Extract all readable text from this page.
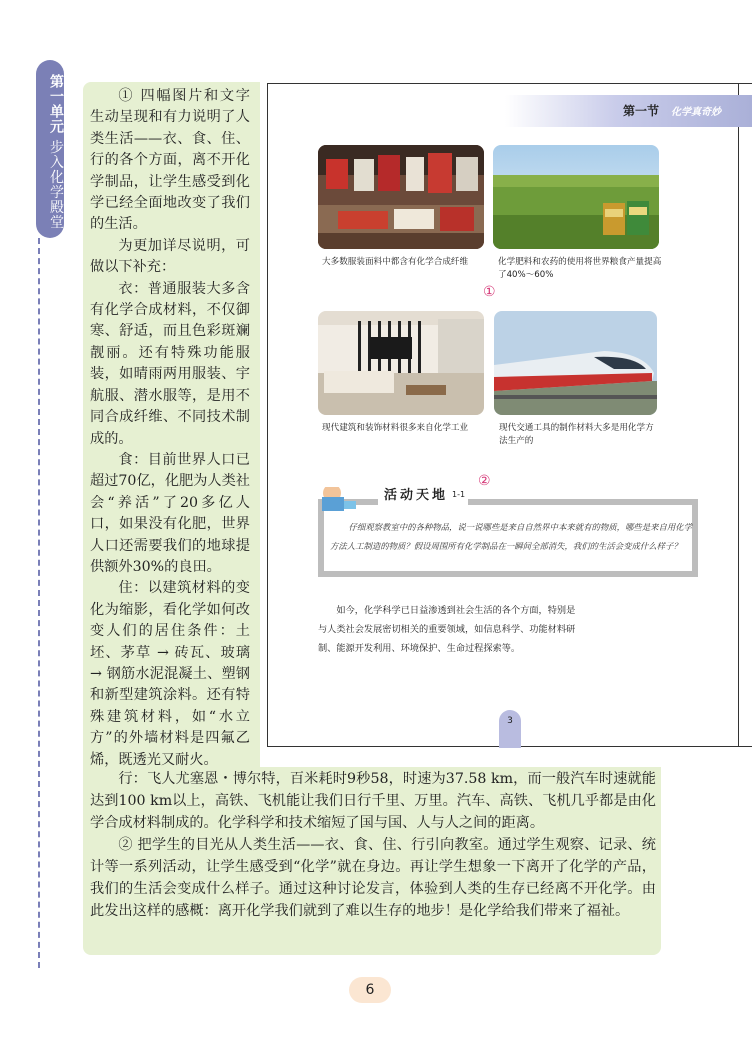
第一单元 步入化学殿堂

① 四幅图片和文字生动呈现和有力说明了人类生活——衣、食、住、行的各个方面，离不开化学制品，让学生感受到化学已经全面地改变了我们的生活。

为更加详尽说明，可做以下补充：

衣：普通服装大多含有化学合成材料，不仅御寒、舒适，而且色彩斑斓靓丽。还有特殊功能服装，如晴雨两用服装、宇航服、潜水服等，是用不同合成纤维、不同技术制成的。

食：目前世界人口已超过70亿，化肥为人类社会“养活”了20多亿人口，如果没有化肥，世界人口还需要我们的地球提供额外30%的良田。

住：以建筑材料的变化为缩影，看化学如何改变人们的居住条件：土坯、茅草 → 砖瓦、玻璃 → 钢筋水泥混凝土、塑钢和新型建筑涂料。还有特殊建筑材料，如“水立方”的外墙材料是四氟乙烯，既透光又耐火。

行：飞人尤塞恩・博尔特，百米耗时9秒58，时速为37.58 km，而一般汽车时速就能达到100 km以上，高铁、飞机能让我们日行千里、万里。汽车、高铁、飞机几乎都是由化学合成材料制成的。化学科学和技术缩短了国与国、人与人之间的距离。

② 把学生的目光从人类生活——衣、食、住、行引向教室。通过学生观察、记录、统计等一系列活动，让学生感受到“化学”就在身边。再让学生想象一下离开了化学的产品，我们的生活会变成什么样子。通过这种讨论发言，体验到人类的生存已经离不开化学。由此发出这样的感概：离开化学我们就到了难以生存的地步！是化学给我们带来了福祉。

第一节 化学真奇妙
大多数服装面料中都含有化学合成纤维	化学肥料和农药的使用将世界粮食产量提高了40%～60%
①
现代建筑和装饰材料很多来自化学工业	现代交通工具的制作材料大多是用化学方法生产的
活动天地 1-1
②

仔细观察教室中的各种物品，说一说哪些是来自自然界中本来就有的物质，哪些是来自用化学方法人工制造的物质？假设周围所有化学制品在一瞬间全部消失，我们的生活会变成什么样子？

如今，化学科学已日益渗透到社会生活的各个方面，特别是与人类社会发展密切相关的重要领域，如信息科学、功能材料研制、能源开发利用、环境保护、生命过程探索等。

3
6
